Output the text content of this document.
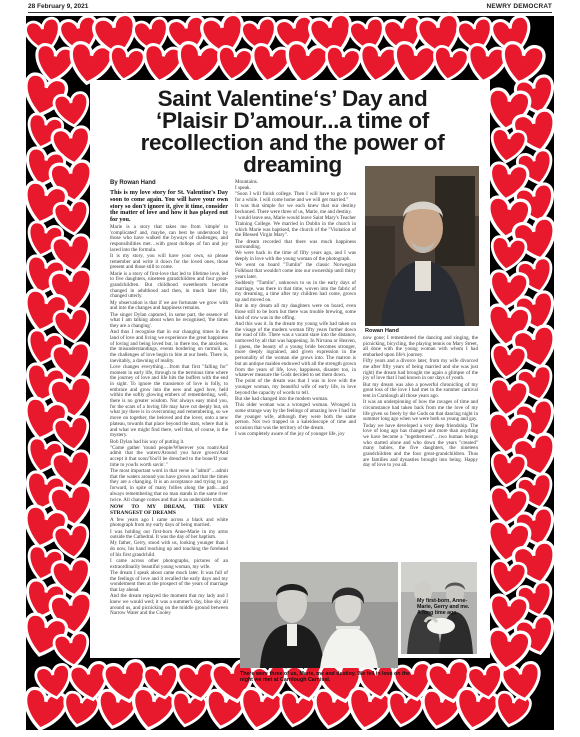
28 February 9, 2021	NEWRY DEMOCRAT
Saint Valentine‘s’ Day and ‘Plaisir D’amour...a time of recollection and the power of dreaming
By Rowan Hand

This is my love story for St. Valentine's Day soon to come again. You will have your own story so don't ignore it, give it time, consider the matter of love and how it has played out for you.

Marie is a story that takes me from 'simple' to 'complicated' and, maybe, can best be understood by those who have walked the byways of challenges, and responsibilities met…with great dollops of fun and joy laced into the formula.

It is my story, you will have your own, so please remember and write it down for the loved ones, those present and those still to come.

Marie is a story of first-love that led to lifetime love, led to five daughters, nineteen grandchildren and four great-grandchildren. But childhood sweethearts become changed in adulthood and then, in much later life, changed utterly.

My observation is that if we are fortunate we grow with and into the changes and happiness remains.

The singer Dylan captured, in some part, the essence of what I am talking about when he recognised, 'the times they are a changing'.

And thus I recognise that in our changing times in the land of love and living we experience the great happiness of loving and being loved but, in there too, the anxieties, the misunderstandings, events bordering on turmoil, as the challenges of love begin to bite at our heels. There is, inevitably, a dawning of reality.

Love changes everything….from that first "falling for" moment in early life, through to the terminus time where the journey of love and life hits the buffers with the end in sight. To ignore the transience of love is folly, to embrace and grow into the new and aged love, held within the softly glowing embers of remembering, well, there is no greater wisdom. Not always easy mind you, for the scars of a loving life may have cut deeply but, oh what joy there is in overcoming and remembering, so we move on together, the beloved and the lover, onto a new plateau, towards that place beyond the stars, where that is and what we might find there, well that, of course, is the mystery.

Bob Dylan had his way of putting it.

"Come gather 'round people/Wherever you roam/And admit that the waters/Around you have grown/And accept it that soon/You'll be drenched to the bone/If your time to you/Is worth savin'."

The most important word in that verse is "admit"…admit that the waters around you have grown and that the times they are a changing. It is an acceptance and trying to go forward, in spite of many follies along the path…and always remembering that no man stands in the same river twice. All change comes and that is an undeniable truth.

NOW TO MY DREAM, THE VERY STRANGEST OF DREAMS

A few years ago I came across a black and white photograph from my early days of being married.

I was holding our first-born Anne-Marie in my arms outside the Cathedral. It was the day of her baptism.

My father, Gerry, stood with us, looking younger than I do now, his hand reaching up and touching the forehead of his first grandchild.

I came across other photographs, pictures of an extraordinarily beautiful young woman, my wife.

The dream I speak about came much later. It was full of the feelings of love and it recalled the early days and my wonderment then at the prospect of the years of marriage that lay ahead.

And the dream replayed the moment that my lady and I knew we would wed; it was a summer's day, blue sky all around us, and picnicking on the middle ground between Narrow Water and the Cooley

Mountains.

I speak.

"Soon I will finish college. Then I will have to go to sea for a while. I will come home and we will get married."

It was that simple for we each knew that our destiny beckoned. There were three of us, Marie, me and destiny.

I would leave sea, Marie would leave Saint Mary's Teacher Training College. We married in Dublin in the church in which Marie was baptised, the church of the "Visitation of the Blessed Virgin Mary".

The dream recorded that there was much happiness surrounding.

We were back in the time of fifty years ago, and I was deeply in love with the young woman of the photograph.

We went on board "Tumlin" the classic Norwegian Folkboat that wouldn't come into our ownership until thirty years later.

Suddenly "Tumlin", unknown to us in the early days of marriage, was there in that time, woven into the fabric of my dreaming, a time after my children had come, grown up and moved on.

But in my dream all my daughters were on board, even those still to be born but there was trouble brewing, some kind of row was in the offing.

And this was it. In the dream my young wife had taken on the visage of the modern woman fifty years further down the road of life. There was a vacant stare into the distance, unmoved by all that was happening. In Nirvana or Heaven, I guess, the beauty of a young bride becomes stronger, more deeply ingrained, and given expression in the personality of the woman she grows into. The matron is but an antique maiden endowed with all the strength grown from the years of life, love, happiness, disaster too, in whatever measure the Gods decided to set them down.

The point of the dream was that I was in love with the younger woman, my beautiful wife of early life, in love beyond the capacity of words to tell.

But she had changed into the modern woman.

This older woman was a wronged woman. Wronged in some strange way by the feelings of amazing love I had for the younger wife, although they were both the same person. Not two trapped in a kaleidoscope of time and occasion that was the territory of the dream.

I was completely aware of the joy of younger life, joy

Rowan Hand

now gone; I remembered the dancing and singing, the picnicking, bicycling, the playing tennis on Mary Street, all done with the young woman with whom I had embarked upon life's journey.

Fifty years and a divorce later, from my wife divorced me after fifty years of being married and she was just right) the dream had brought me again a glimpse of the joy of love that I had known in our days of youth.

But my dream was also a powerful chronicling of my great loss of the love I had met in the summer carnival tent in Carnlough all those years ago.

It was an underpinning of how the ravages of time and circumstance had taken back from me the love of my life given so freely by the Gods on that dancing night in summer long ago when we were both so young and gay.

Today we have developed a very deep friendship. The love of long ago has changed and more than anything we have become a "togetherness"…two human beings who started alone and who down the years "created" many babies, the five daughters, the nineteen grandchildren and the four great-grandchildren. Thus are families and dynasties brought into being. Happy day of love to you all.

There were three of us, Marie, me and destiny. We fell in love on the night we met at Carnlough Carnival.
My first-born, Anne-Marie, Gerry and me. A long time ago.
